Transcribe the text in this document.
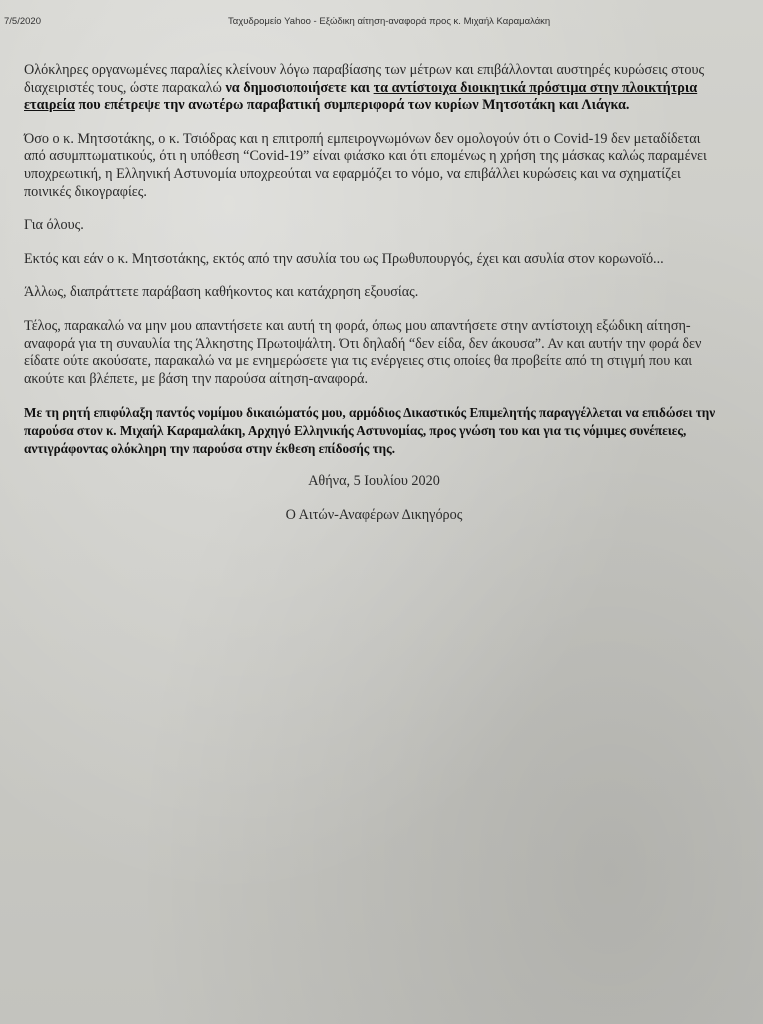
7/5/2020	Ταχυδρομείο Yahoo - Εξώδικη αίτηση-αναφορά προς κ. Μιχαήλ Καραμαλάκη

Ολόκληρες οργανωμένες παραλίες κλείνουν λόγω παραβίασης των μέτρων και επιβάλλονται αυστηρές κυρώσεις στους διαχειριστές τους, ώστε παρακαλώ να δημοσιοποιήσετε και τα αντίστοιχα διοικητικά πρόστιμα στην πλοικτήτρια εταιρεία που επέτρεψε την ανωτέρω παραβατική συμπεριφορά των κυρίων Μητσοτάκη και Λιάγκα.

Όσο ο κ. Μητσοτάκης, ο κ. Τσιόδρας και η επιτροπή εμπειρογνωμόνων δεν ομολογούν ότι ο Covid-19 δεν μεταδίδεται από ασυμπτωματικούς, ότι η υπόθεση “Covid-19” είναι φιάσκο και ότι επομένως η χρήση της μάσκας καλώς παραμένει υποχρεωτική, η Ελληνική Αστυνομία υποχρεούται να εφαρμόζει το νόμο, να επιβάλλει κυρώσεις και να σχηματίζει ποινικές δικογραφίες.

Για όλους.

Εκτός και εάν ο κ. Μητσοτάκης, εκτός από την ασυλία του ως Πρωθυπουργός, έχει και ασυλία στον κορωνοϊό...

Άλλως, διαπράττετε παράβαση καθήκοντος και κατάχρηση εξουσίας.

Τέλος, παρακαλώ να μην μου απαντήσετε και αυτή τη φορά, όπως μου απαντήσετε στην αντίστοιχη εξώδικη αίτηση-αναφορά για τη συναυλία της Άλκηστης Πρωτοψάλτη. Ότι δηλαδή “δεν είδα, δεν άκουσα”. Αν και αυτήν την φορά δεν είδατε ούτε ακούσατε, παρακαλώ να με ενημερώσετε για τις ενέργειες στις οποίες θα προβείτε από τη στιγμή που και ακούτε και βλέπετε, με βάση την παρούσα αίτηση-αναφορά.

Με τη ρητή επιφύλαξη παντός νομίμου δικαιώματός μου, αρμόδιος Δικαστικός Επιμελητής παραγγέλλεται να επιδώσει την παρούσα στον κ. Μιχαήλ Καραμαλάκη, Αρχηγό Ελληνικής Αστυνομίας, προς γνώση του και για τις νόμιμες συνέπειες, αντιγράφοντας ολόκληρη την παρούσα στην έκθεση επίδοσής της.

Αθήνα, 5 Ιουλίου 2020

Ο Αιτών-Αναφέρων Δικηγόρος
